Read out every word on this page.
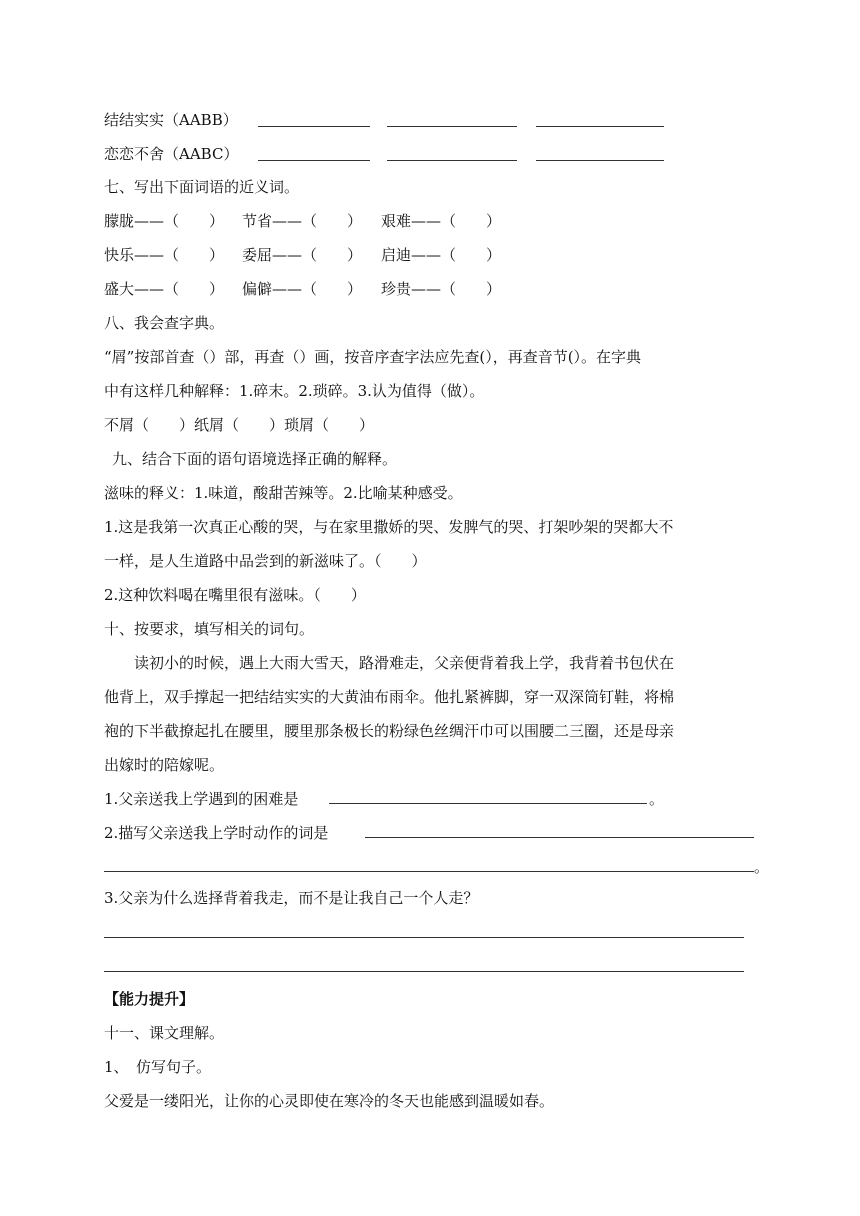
结结实实（AABB）
恋恋不舍（AABC）
七、写出下面词语的近义词。
朦胧——（　　） 节省——（　　） 艰难——（　　）
快乐——（　　） 委屈——（　　） 启迪——（　　）
盛大——（　　） 偏僻——（　　） 珍贵——（　　）
八、我会查字典。
“屑”按部首查（）部，再查（）画，按音序查字法应先查(），再查音节(）。在字典
中有这样几种解释：1.碎末。2.琐碎。3.认为值得（做）。
不屑（　　）纸屑（　　）琐屑（　　）
九、结合下面的语句语境选择正确的解释。
滋味的释义：1.味道，酸甜苦辣等。2.比喻某种感受。
1.这是我第一次真正心酸的哭，与在家里撒娇的哭、发脾气的哭、打架吵架的哭都大不
一样，是人生道路中品尝到的新滋味了。（　　）
2.这种饮料喝在嘴里很有滋味。（　　）
十、按要求，填写相关的词句。
读初小的时候，遇上大雨大雪天，路滑难走，父亲便背着我上学，我背着书包伏在
他背上，双手撑起一把结结实实的大黄油布雨伞。他扎紧裤脚，穿一双深筒钉鞋，将棉
袍的下半截撩起扎在腰里，腰里那条极长的粉绿色丝绸汗巾可以围腰二三圈，还是母亲
出嫁时的陪嫁呢。
1.父亲送我上学遇到的困难是	。
2.描写父亲送我上学时动作的词是
。
3.父亲为什么选择背着我走，而不是让我自己一个人走？
【能力提升】
十一、课文理解。
1、　仿写句子。
父爱是一缕阳光，让你的心灵即使在寒冷的冬天也能感到温暖如春。
